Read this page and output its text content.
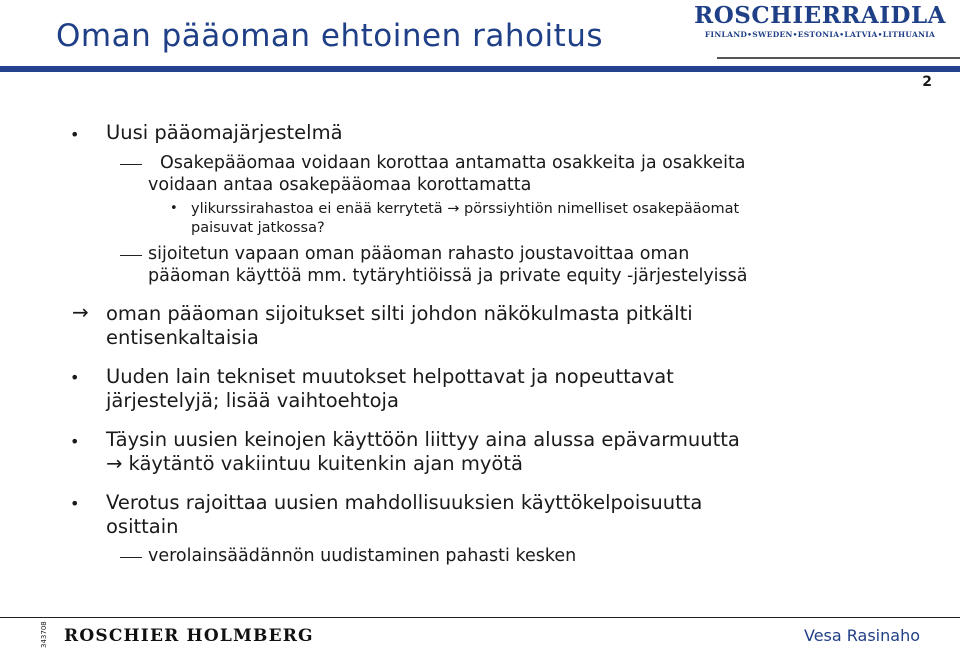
Oman pääoman ehtoinen rahoitus
ROSCHIERRAIDLA
FINLAND•SWEDEN•ESTONIA•LATVIA•LITHUANIA
2
• Uusi pääomajärjestelmä
Osakepääomaa voidaan korottaa antamatta osakkeita ja osakkeita
voidaan antaa osakepääomaa korottamatta
• ylikurssirahastoa ei enää kerrytetä → pörssiyhtiön nimelliset osakepääomat
paisuvat jatkossa?
sijoitetun vapaan oman pääoman rahasto joustavoittaa oman
pääoman käyttöä mm. tytäryhtiöissä ja private equity -järjestelyissä
→ oman pääoman sijoitukset silti johdon näkökulmasta pitkälti
entisenkaltaisia
• Uuden lain tekniset muutokset helpottavat ja nopeuttavat
järjestelyjä; lisää vaihtoehtoja
• Täysin uusien keinojen käyttöön liittyy aina alussa epävarmuutta
→ käytäntö vakiintuu kuitenkin ajan myötä
• Verotus rajoittaa uusien mahdollisuuksien käyttökelpoisuutta
osittain
verolainsäädännön uudistaminen pahasti kesken
343708 ROSCHIER HOLMBERG	Vesa Rasinaho
